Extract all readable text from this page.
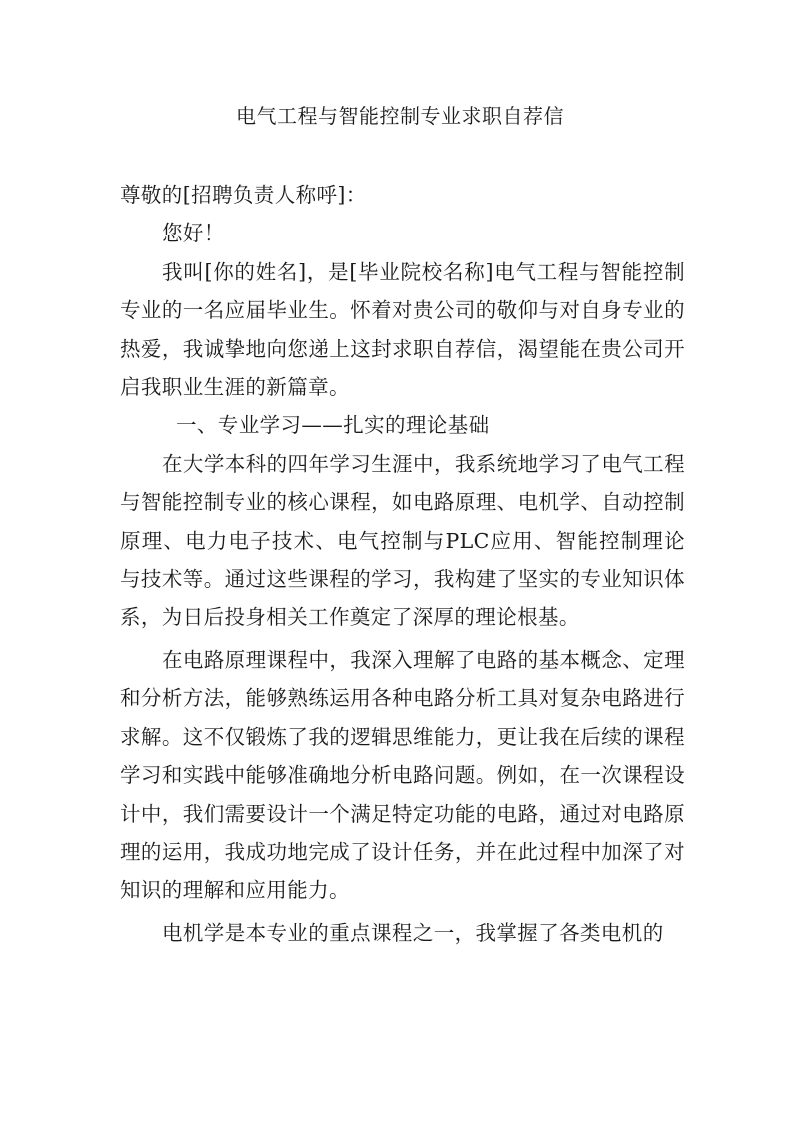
电气工程与智能控制专业求职自荐信

尊敬的[招聘负责人称呼]：

您好！

我叫[你的姓名]，是[毕业院校名称]电气工程与智能控制专业的一名应届毕业生。怀着对贵公司的敬仰与对自身专业的热爱，我诚挚地向您递上这封求职自荐信，渴望能在贵公司开启我职业生涯的新篇章。

一、专业学习——扎实的理论基础

在大学本科的四年学习生涯中，我系统地学习了电气工程与智能控制专业的核心课程，如电路原理、电机学、自动控制原理、电力电子技术、电气控制与PLC应用、智能控制理论与技术等。通过这些课程的学习，我构建了坚实的专业知识体系，为日后投身相关工作奠定了深厚的理论根基。

在电路原理课程中，我深入理解了电路的基本概念、定理和分析方法，能够熟练运用各种电路分析工具对复杂电路进行求解。这不仅锻炼了我的逻辑思维能力，更让我在后续的课程学习和实践中能够准确地分析电路问题。例如，在一次课程设计中，我们需要设计一个满足特定功能的电路，通过对电路原理的运用，我成功地完成了设计任务，并在此过程中加深了对知识的理解和应用能力。

电机学是本专业的重点课程之一，我掌握了各类电机的
